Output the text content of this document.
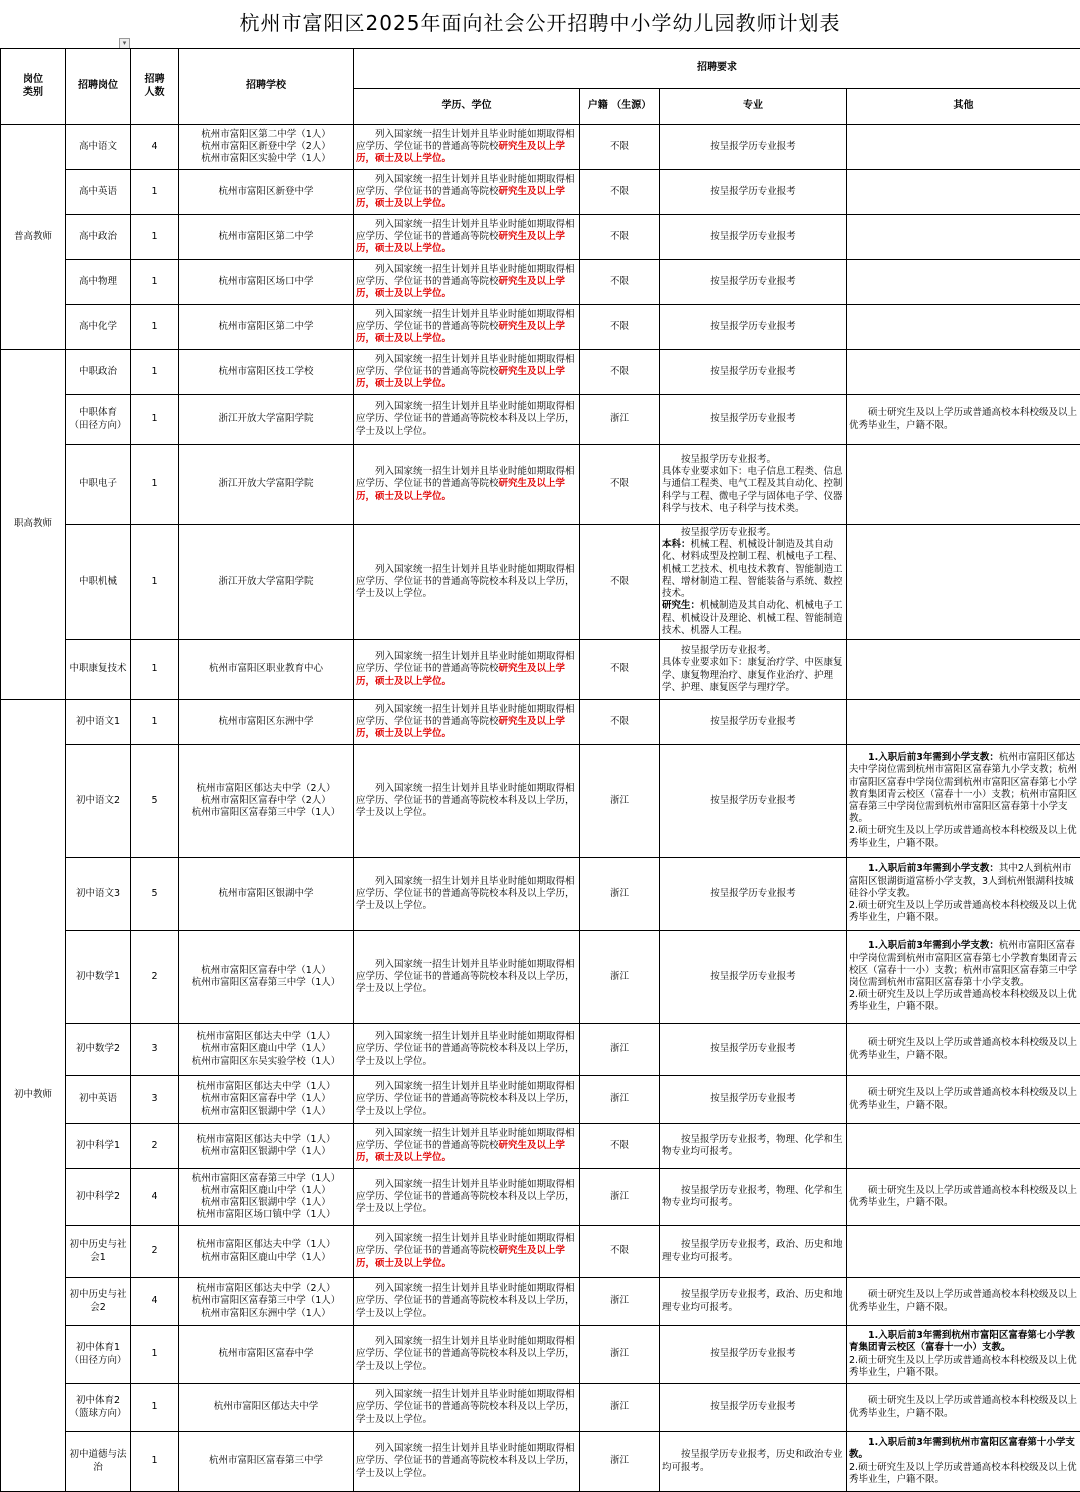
杭州市富阳区2025年面向社会公开招聘中小学幼儿园教师计划表
▾
岗位
类别	招聘岗位	招聘
人数	招聘学校	招聘要求			
				学历、学位	户籍 （生源）	专业	其他
普高教师	高中语文	4	杭州市富阳区第二中学（1人）
杭州市富阳区新登中学（2人）
杭州市富阳区实验中学（1人）	列入国家统一招生计划并且毕业时能如期取得相应学历、学位证书的普通高等院校研究生及以上学历，硕士及以上学位。	不限	按呈报学历专业报考	
	高中英语	1	杭州市富阳区新登中学	列入国家统一招生计划并且毕业时能如期取得相应学历、学位证书的普通高等院校研究生及以上学历，硕士及以上学位。	不限	按呈报学历专业报考	
	高中政治	1	杭州市富阳区第二中学	列入国家统一招生计划并且毕业时能如期取得相应学历、学位证书的普通高等院校研究生及以上学历，硕士及以上学位。	不限	按呈报学历专业报考	
	高中物理	1	杭州市富阳区场口中学	列入国家统一招生计划并且毕业时能如期取得相应学历、学位证书的普通高等院校研究生及以上学历，硕士及以上学位。	不限	按呈报学历专业报考	
	高中化学	1	杭州市富阳区第二中学	列入国家统一招生计划并且毕业时能如期取得相应学历、学位证书的普通高等院校研究生及以上学历，硕士及以上学位。	不限	按呈报学历专业报考	
职高教师	中职政治	1	杭州市富阳区技工学校	列入国家统一招生计划并且毕业时能如期取得相应学历、学位证书的普通高等院校研究生及以上学历，硕士及以上学位。	不限	按呈报学历专业报考	
	中职体育
（田径方向）	1	浙江开放大学富阳学院	列入国家统一招生计划并且毕业时能如期取得相应学历、学位证书的普通高等院校本科及以上学历，学士及以上学位。	浙江	按呈报学历专业报考	硕士研究生及以上学历或普通高校本科校级及以上优秀毕业生，户籍不限。
	中职电子	1	浙江开放大学富阳学院	列入国家统一招生计划并且毕业时能如期取得相应学历、学位证书的普通高等院校研究生及以上学历，硕士及以上学位。	不限	按呈报学历专业报考。
具体专业要求如下：电子信息工程类、信息与通信工程类、电气工程及其自动化、控制科学与工程、微电子学与固体电子学、仪器科学与技术、电子科学与技术类。	
	中职机械	1	浙江开放大学富阳学院	列入国家统一招生计划并且毕业时能如期取得相应学历、学位证书的普通高等院校本科及以上学历，学士及以上学位。	不限	按呈报学历专业报考。
本科：机械工程、机械设计制造及其自动化、材料成型及控制工程、机械电子工程、机械工艺技术、机电技术教育、智能制造工程、增材制造工程、智能装备与系统、数控技术。
研究生：机械制造及其自动化、机械电子工程、机械设计及理论、机械工程、智能制造技术、机器人工程。	
	中职康复技术	1	杭州市富阳区职业教育中心	列入国家统一招生计划并且毕业时能如期取得相应学历、学位证书的普通高等院校研究生及以上学历，硕士及以上学位。	不限	按呈报学历专业报考。
具体专业要求如下：康复治疗学、中医康复学、康复物理治疗、康复作业治疗、护理学、护理、康复医学与理疗学。	
初中教师	初中语文1	1	杭州市富阳区东洲中学	列入国家统一招生计划并且毕业时能如期取得相应学历、学位证书的普通高等院校研究生及以上学历，硕士及以上学位。	不限	按呈报学历专业报考	
	初中语文2	5	杭州市富阳区郁达夫中学（2人）
杭州市富阳区富春中学（2人）
杭州市富阳区富春第三中学（1人）	列入国家统一招生计划并且毕业时能如期取得相应学历、学位证书的普通高等院校本科及以上学历，学士及以上学位。	浙江	按呈报学历专业报考	1.入职后前3年需到小学支教：杭州市富阳区郁达夫中学岗位需到杭州市富阳区富春第九小学支教；杭州市富阳区富春中学岗位需到杭州市富阳区富春第七小学教育集团青云校区（富春十一小）支教；杭州市富阳区富春第三中学岗位需到杭州市富阳区富春第十小学支教。
2.硕士研究生及以上学历或普通高校本科校级及以上优秀毕业生，户籍不限。
	初中语文3	5	杭州市富阳区银湖中学	列入国家统一招生计划并且毕业时能如期取得相应学历、学位证书的普通高等院校本科及以上学历，学士及以上学位。	浙江	按呈报学历专业报考	1.入职后前3年需到小学支教：其中2人到杭州市富阳区银湖街道富桥小学支教，3人到杭州银湖科技城硅谷小学支教。
2.硕士研究生及以上学历或普通高校本科校级及以上优秀毕业生，户籍不限。
	初中数学1	2	杭州市富阳区富春中学（1人）
杭州市富阳区富春第三中学（1人）	列入国家统一招生计划并且毕业时能如期取得相应学历、学位证书的普通高等院校本科及以上学历，学士及以上学位。	浙江	按呈报学历专业报考	1.入职后前3年需到小学支教：杭州市富阳区富春中学岗位需到杭州市富阳区富春第七小学教育集团青云校区（富春十一小）支教；杭州市富阳区富春第三中学岗位需到杭州市富阳区富春第十小学支教。
2.硕士研究生及以上学历或普通高校本科校级及以上优秀毕业生，户籍不限。
	初中数学2	3	杭州市富阳区郁达夫中学（1人）
杭州市富阳区鹿山中学（1人）
杭州市富阳区东吴实验学校（1人）	列入国家统一招生计划并且毕业时能如期取得相应学历、学位证书的普通高等院校本科及以上学历，学士及以上学位。	浙江	按呈报学历专业报考	硕士研究生及以上学历或普通高校本科校级及以上优秀毕业生，户籍不限。
	初中英语	3	杭州市富阳区郁达夫中学（1人）
杭州市富阳区富春中学（1人）
杭州市富阳区银湖中学（1人）	列入国家统一招生计划并且毕业时能如期取得相应学历、学位证书的普通高等院校本科及以上学历，学士及以上学位。	浙江	按呈报学历专业报考	硕士研究生及以上学历或普通高校本科校级及以上优秀毕业生，户籍不限。
	初中科学1	2	杭州市富阳区郁达夫中学（1人）
杭州市富阳区银湖中学（1人）	列入国家统一招生计划并且毕业时能如期取得相应学历、学位证书的普通高等院校研究生及以上学历，硕士及以上学位。	不限	按呈报学历专业报考，物理、化学和生物专业均可报考。	
	初中科学2	4	杭州市富阳区富春第三中学（1人）
杭州市富阳区鹿山中学（1人）
杭州市富阳区银湖中学（1人）
杭州市富阳区场口镇中学（1人）	列入国家统一招生计划并且毕业时能如期取得相应学历、学位证书的普通高等院校本科及以上学历，学士及以上学位。	浙江	按呈报学历专业报考，物理、化学和生物专业均可报考。	硕士研究生及以上学历或普通高校本科校级及以上优秀毕业生，户籍不限。
	初中历史与社会1	2	杭州市富阳区郁达夫中学（1人）
杭州市富阳区鹿山中学（1人）	列入国家统一招生计划并且毕业时能如期取得相应学历、学位证书的普通高等院校研究生及以上学历，硕士及以上学位。	不限	按呈报学历专业报考，政治、历史和地理专业均可报考。	
	初中历史与社会2	4	杭州市富阳区郁达夫中学（2人）
杭州市富阳区富春第三中学（1人）
杭州市富阳区东洲中学（1人）	列入国家统一招生计划并且毕业时能如期取得相应学历、学位证书的普通高等院校本科及以上学历，学士及以上学位。	浙江	按呈报学历专业报考，政治、历史和地理专业均可报考。	硕士研究生及以上学历或普通高校本科校级及以上优秀毕业生，户籍不限。
	初中体育1
（田径方向）	1	杭州市富阳区富春中学	列入国家统一招生计划并且毕业时能如期取得相应学历、学位证书的普通高等院校本科及以上学历，学士及以上学位。	浙江	按呈报学历专业报考	1.入职后前3年需到杭州市富阳区富春第七小学教育集团青云校区（富春十一小）支教。
2.硕士研究生及以上学历或普通高校本科校级及以上优秀毕业生，户籍不限。
	初中体育2
（篮球方向）	1	杭州市富阳区郁达夫中学	列入国家统一招生计划并且毕业时能如期取得相应学历、学位证书的普通高等院校本科及以上学历，学士及以上学位。	浙江	按呈报学历专业报考	硕士研究生及以上学历或普通高校本科校级及以上优秀毕业生，户籍不限。
	初中道德与法治	1	杭州市富阳区富春第三中学	列入国家统一招生计划并且毕业时能如期取得相应学历、学位证书的普通高等院校本科及以上学历，学士及以上学位。	浙江	按呈报学历专业报考，历史和政治专业均可报考。	1.入职后前3年需到杭州市富阳区富春第十小学支教。
2.硕士研究生及以上学历或普通高校本科校级及以上优秀毕业生，户籍不限。
